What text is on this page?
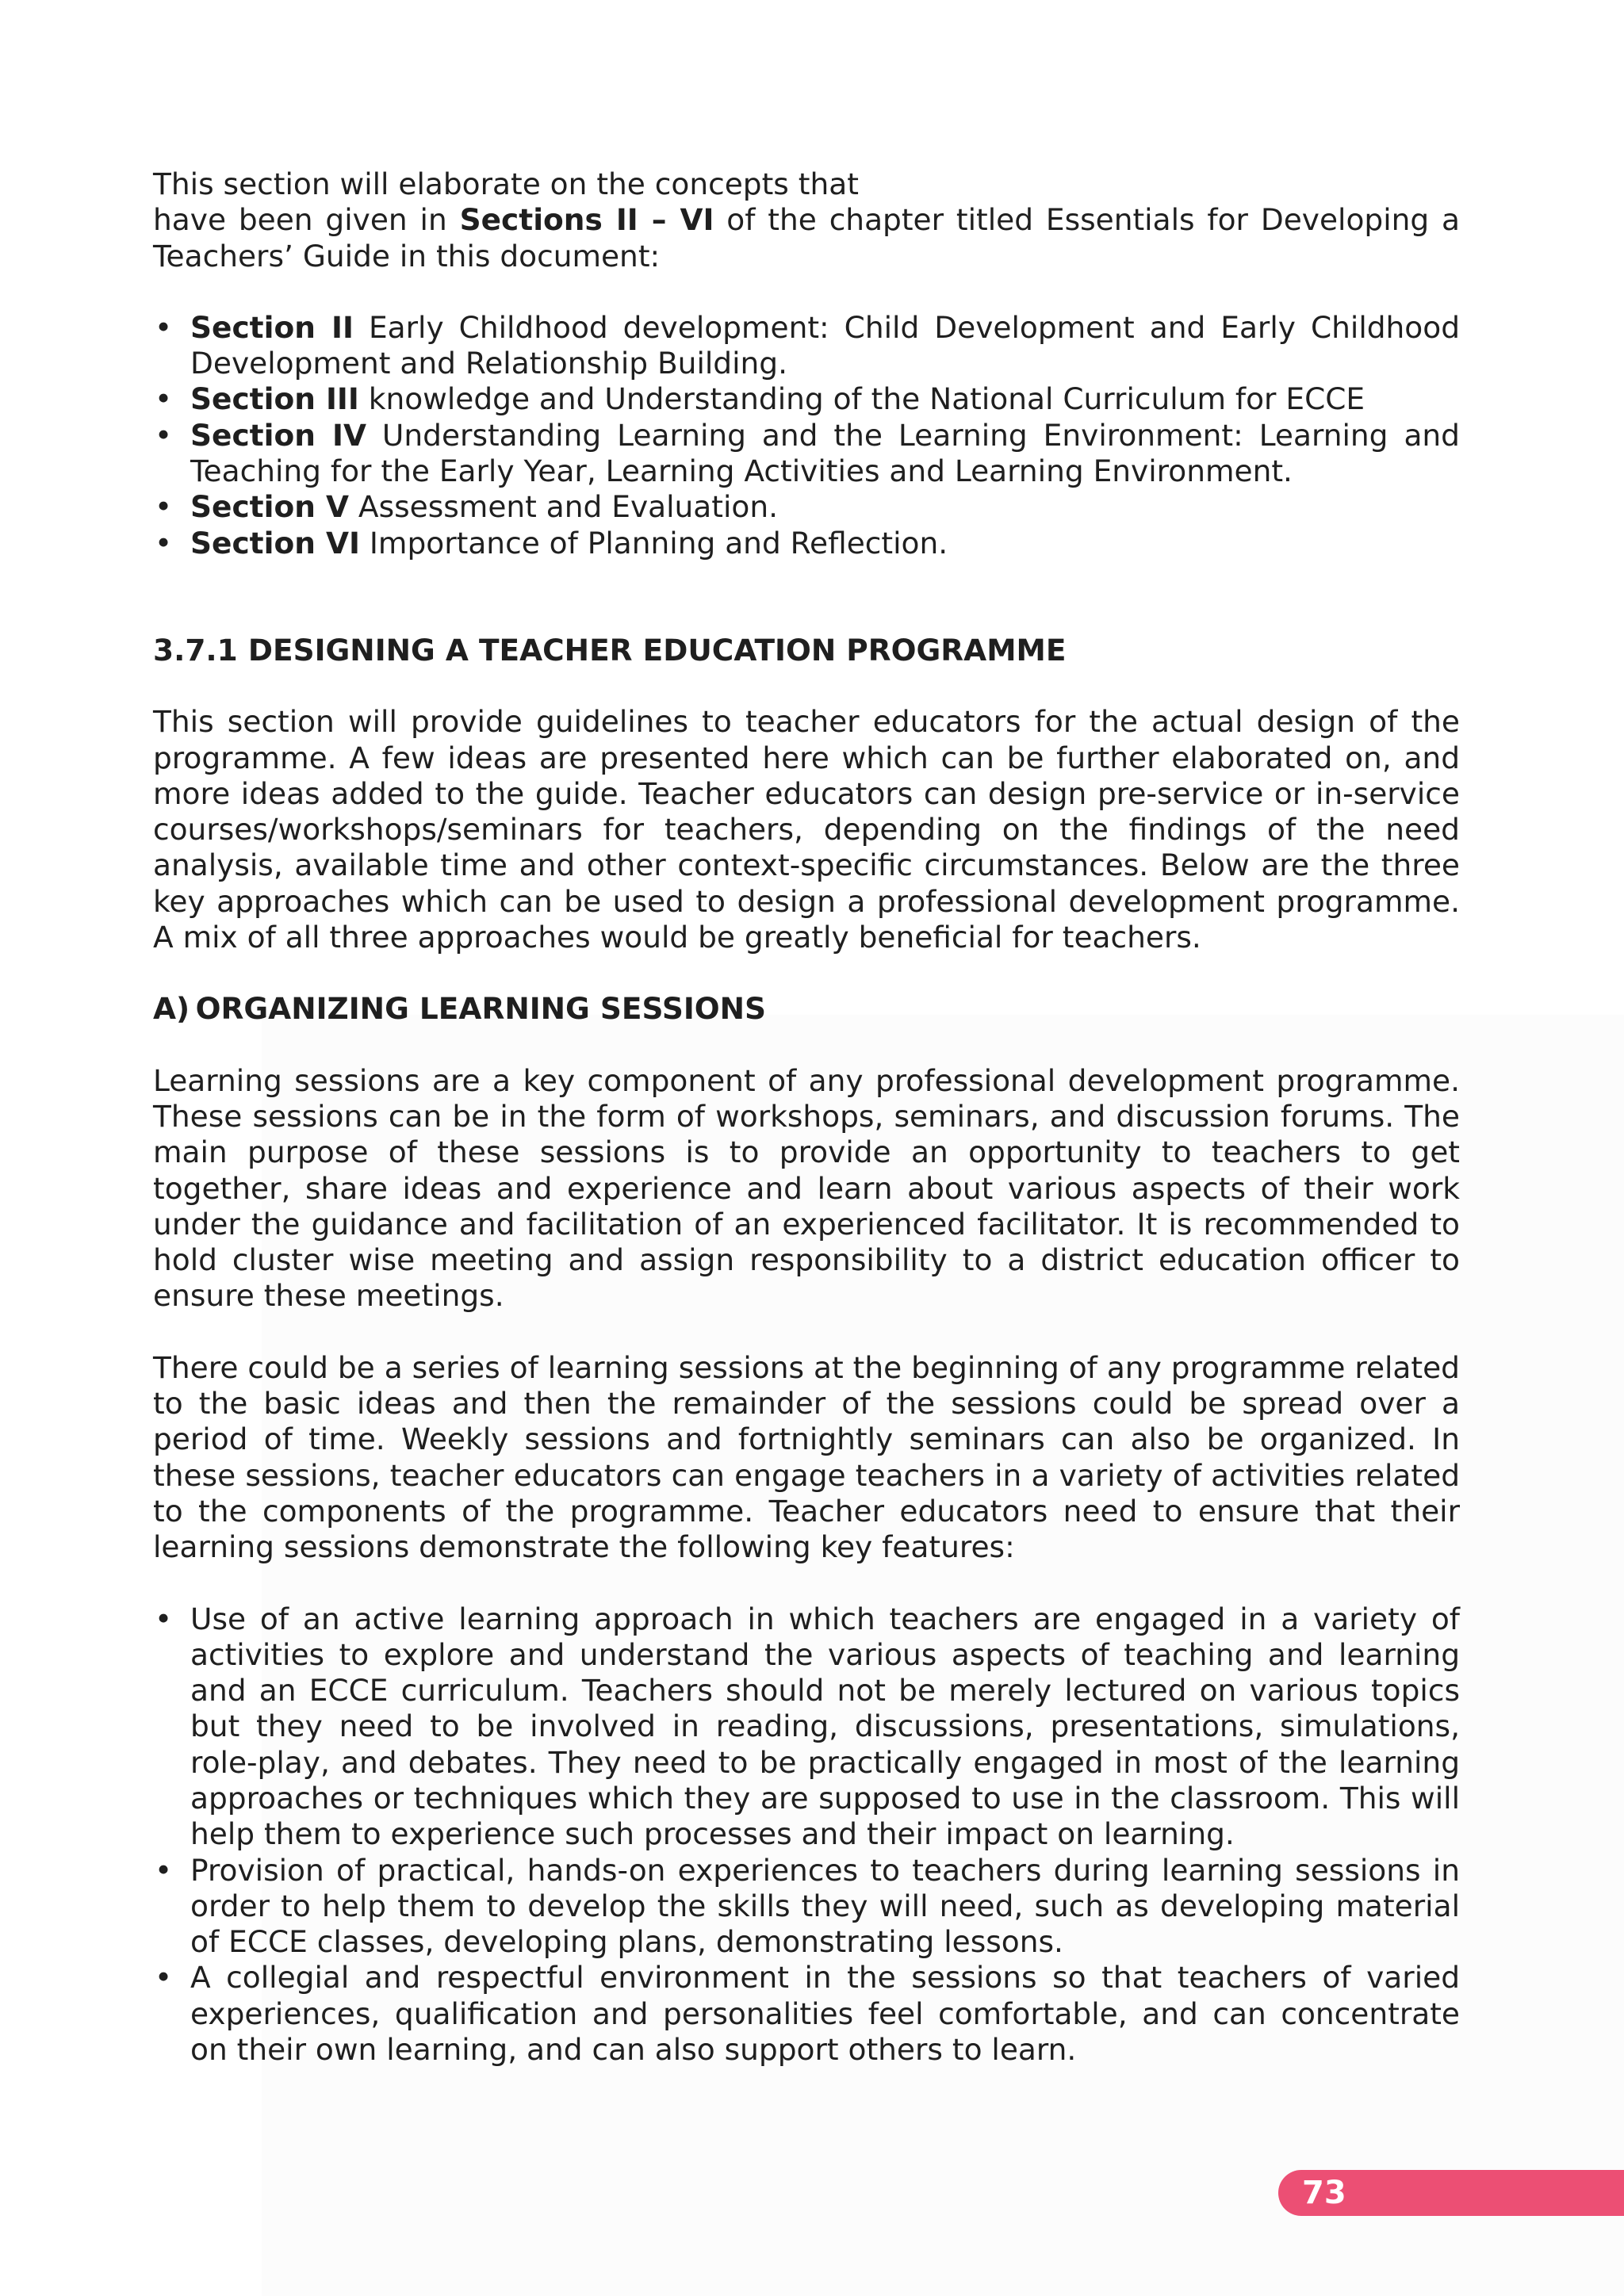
This section will elaborate on the concepts that

have been given in Sections II – VI of the chapter titled Essentials for Developing a Teachers’ Guide in this document:

• Section II Early Childhood development: Child Development and Early Childhood Development and Relationship Building.
• Section III knowledge and Understanding of the National Curriculum for ECCE
• Section IV Understanding Learning and the Learning Environment: Learning and Teaching for the Early Year, Learning Activities and Learning Environment.
• Section V Assessment and Evaluation.
• Section VI Importance of Planning and Reflection.
3.7.1 DESIGNING A TEACHER EDUCATION PROGRAMME

This section will provide guidelines to teacher educators for the actual design of the programme. A few ideas are presented here which can be further elaborated on, and more ideas added to the guide. Teacher educators can design pre-service or in-service courses/workshops/seminars for teachers, depending on the findings of the need analysis, available time and other context-specific circumstances. Below are the three key approaches which can be used to design a professional development programme. A mix of all three approaches would be greatly beneficial for teachers.

A) ORGANIZING LEARNING SESSIONS

Learning sessions are a key component of any professional development programme. These sessions can be in the form of workshops, seminars, and discussion forums. The main purpose of these sessions is to provide an opportunity to teachers to get together, share ideas and experience and learn about various aspects of their work under the guidance and facilitation of an experienced facilitator. It is recommended to hold cluster wise meeting and assign responsibility to a district education officer to ensure these meetings.

There could be a series of learning sessions at the beginning of any programme related to the basic ideas and then the remainder of the sessions could be spread over a period of time. Weekly sessions and fortnightly seminars can also be organized. In these sessions, teacher educators can engage teachers in a variety of activities related to the components of the programme. Teacher educators need to ensure that their learning sessions demonstrate the following key features:

• Use of an active learning approach in which teachers are engaged in a variety of activities to explore and understand the various aspects of teaching and learning and an ECCE curriculum. Teachers should not be merely lectured on various topics but they need to be involved in reading, discussions, presentations, simulations, role-play, and debates. They need to be practically engaged in most of the learning approaches or techniques which they are supposed to use in the classroom. This will help them to experience such processes and their impact on learning.
• Provision of practical, hands-on experiences to teachers during learning sessions in order to help them to develop the skills they will need, such as developing material of ECCE classes, developing plans, demonstrating lessons.
• A collegial and respectful environment in the sessions so that teachers of varied experiences, qualification and personalities feel comfortable, and can concentrate on their own learning, and can also support others to learn.
73
